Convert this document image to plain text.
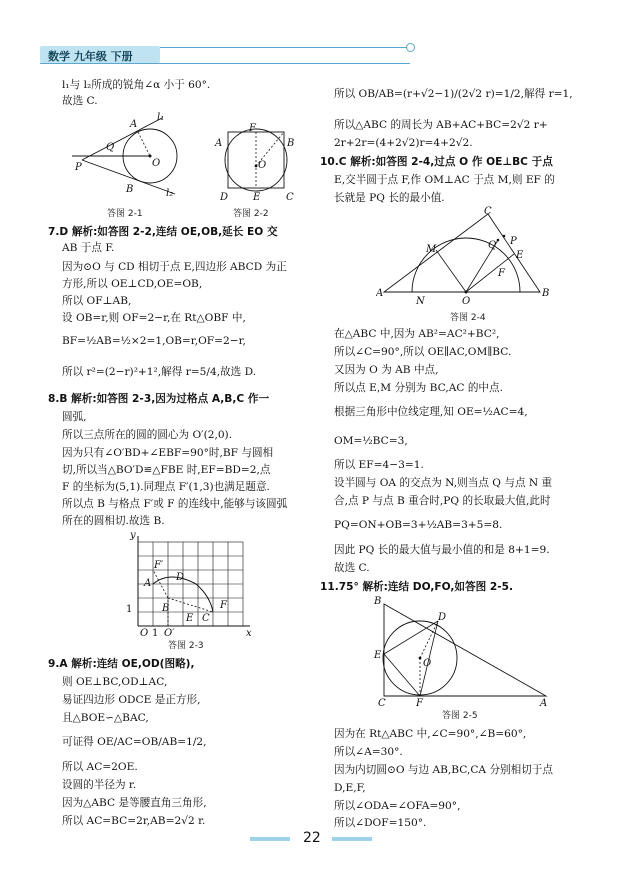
数学 九年级 下册
l₁与 l₂所成的锐角∠α 小于 60°.
故选 C.
l₁
l₂
A
B
P
Q
O
答图 2-1
A	B
C
D E
F
O
答图 2-2
7.D 解析:如答图 2-2,连结 OE,OB,延长 EO 交
AB 于点 F.
因为⊙O 与 CD 相切于点 E,四边形 ABCD 为正
方形,所以 OE⊥CD,OE=OB,
所以 OF⊥AB,
设 OB=r,则 OF=2−r,在 Rt△OBF 中,
BF=½AB=½×2=1,OB=r,OF=2−r,
所以 r²=(2−r)²+1²,解得 r=5/4,故选 D.
8.B 解析:如答图 2-3,因为过格点 A,B,C 作一
圆弧,
所以三点所在的圆的圆心为 O′(2,0).
因为只有∠O′BD+∠EBF=90°时,BF 与圆相
切,所以当△BO′D≌△FBE 时,EF=BD=2,点
F 的坐标为(5,1).同理点 F′(1,3)也满足题意.
所以点 B 与格点 F′或 F 的连线中,能够与该圆弧
所在的圆相切.故选 B.
y
x
O 1 O′
1
A
B
C
D
E
F
F′
答图 2-3
9.A 解析:连结 OE,OD(图略),
则 OE⊥BC,OD⊥AC,
易证四边形 ODCE 是正方形,
且△BOE∽△BAC,
可证得 OE/AC=OB/AB=1/2,
所以 AC=2OE.
设圆的半径为 r.
因为△ABC 是等腰直角三角形,
所以 AC=BC=2r,AB=2√2 r.
所以 OB/AB=(r+√2−1)/(2√2 r)=1/2,解得 r=1,
所以△ABC 的周长为 AB+AC+BC=2√2 r+
2r+2r=(4+2√2)r=4+2√2.
10.C 解析:如答图 2-4,过点 O 作 OE⊥BC 于点
E,交半圆于点 F,作 OM⊥AC 于点 M,则 EF 的
长就是 PQ 长的最小值.
A	B
C
M
N	O
P
Q
E
F
答图 2-4
在△ABC 中,因为 AB²=AC²+BC²,
所以∠C=90°,所以 OE∥AC,OM∥BC.
又因为 O 为 AB 中点,
所以点 E,M 分别为 BC,AC 的中点.
根据三角形中位线定理,知 OE=½AC=4,
OM=½BC=3,
所以 EF=4−3=1.
设半圆与 OA 的交点为 N,则当点 Q 与点 N 重
合,点 P 与点 B 重合时,PQ 的长取最大值,此时
PQ=ON+OB=3+½AB=3+5=8.
因此 PQ 长的最大值与最小值的和是 8+1=9.
故选 C.
11.75° 解析:连结 DO,FO,如答图 2-5.
B
C	A
D
E
F
O
答图 2-5
因为在 Rt△ABC 中,∠C=90°,∠B=60°,
所以∠A=30°.
因为内切圆⊙O 与边 AB,BC,CA 分别相切于点
D,E,F,
所以∠ODA=∠OFA=90°,
所以∠DOF=150°.
22
